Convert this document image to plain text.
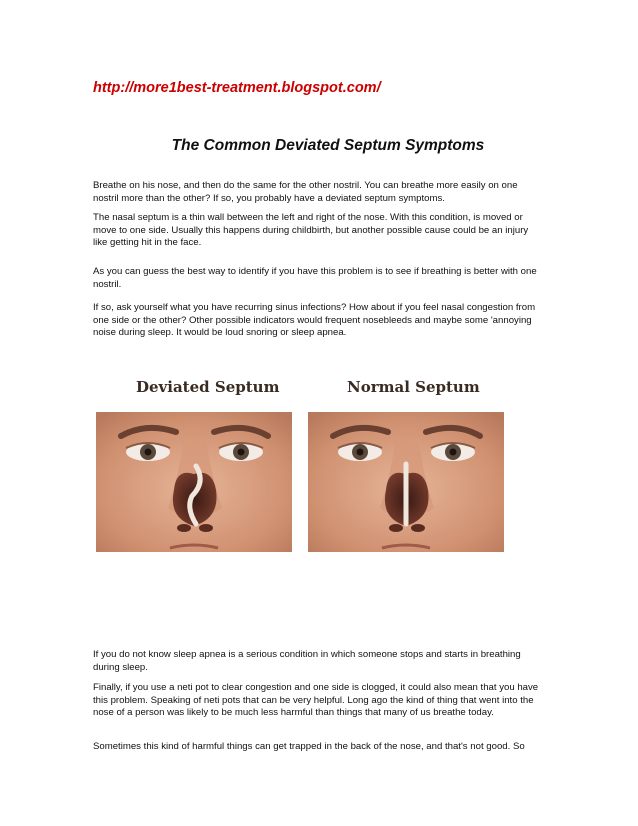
http://more1best-treatment.blogspot.com/
The Common Deviated Septum Symptoms

Breathe on his nose, and then do the same for the other nostril. You can breathe more easily on one nostril more than the other? If so, you probably have a deviated septum symptoms.

The nasal septum is a thin wall between the left and right of the nose. With this condition, is moved or move to one side. Usually this happens during childbirth, but another possible cause could be an injury like getting hit in the face.

As you can guess the best way to identify if you have this problem is to see if breathing is better with one nostril.

If so, ask yourself what you have recurring sinus infections? How about if you feel nasal congestion from one side or the other? Other possible indicators would frequent nosebleeds and maybe some 'annoying noise during sleep. It would be loud snoring or sleep apnea.

Deviated Septum	Normal Septum

If you do not know sleep apnea is a serious condition in which someone stops and starts in breathing during sleep.

Finally, if you use a neti pot to clear congestion and one side is clogged, it could also mean that you have this problem. Speaking of neti pots that can be very helpful. Long ago the kind of thing that went into the nose of a person was likely to be much less harmful than things that many of us breathe today.

Sometimes this kind of harmful things can get trapped in the back of the nose, and that's not good. So
